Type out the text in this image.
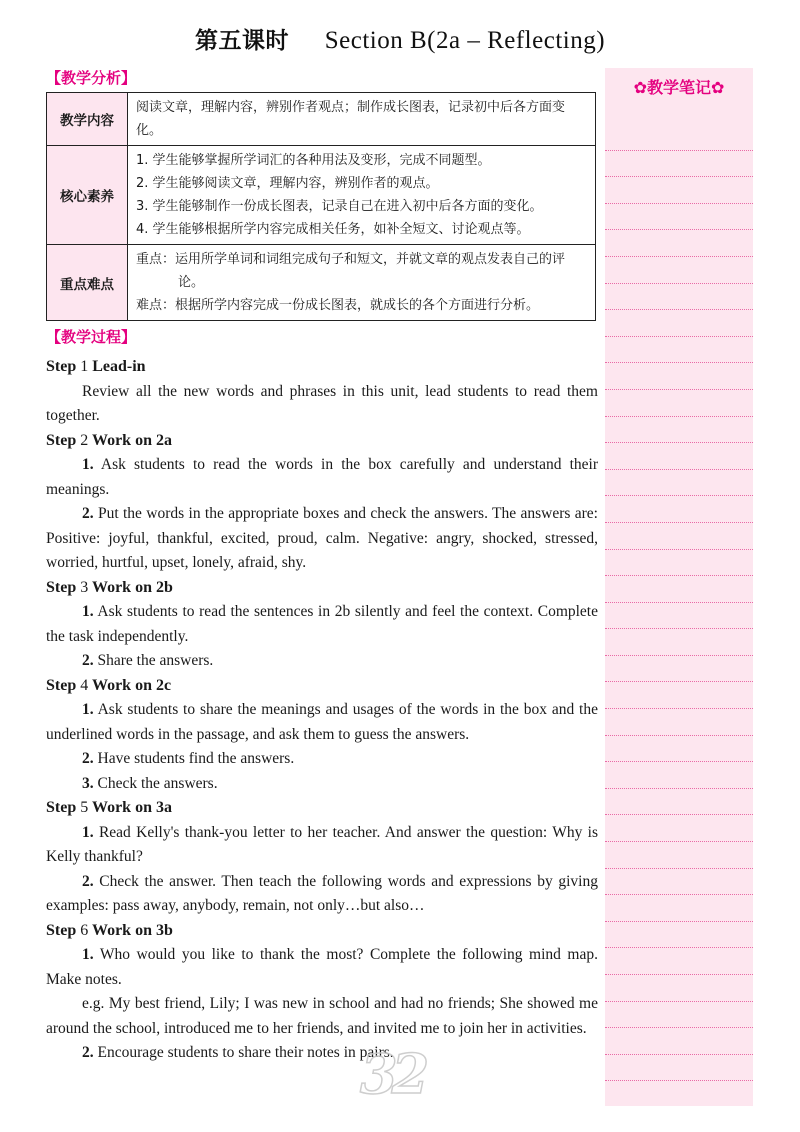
第五课时 Section B(2a – Reflecting)
【教学分析】
教学内容	阅读文章，理解内容，辨别作者观点；制作成长图表，记录初中后各方面变化。

核心素养	1. 学生能够掌握所学词汇的各种用法及变形，完成不同题型。
2. 学生能够阅读文章，理解内容，辨别作者的观点。
3. 学生能够制作一份成长图表，记录自己在进入初中后各方面的变化。
4. 学生能够根据所学内容完成相关任务，如补全短文、讨论观点等。

重点难点	重点：运用所学单词和词组完成句子和短文，并就文章的观点发表自己的评论。
难点：根据所学内容完成一份成长图表，就成长的各个方面进行分析。
【教学过程】
Step 1 Lead-in
Review all the new words and phrases in this unit, lead students to read them together.
Step 2 Work on 2a
1. Ask students to read the words in the box carefully and understand their meanings.
2. Put the words in the appropriate boxes and check the answers. The answers are: Positive: joyful, thankful, excited, proud, calm. Negative: angry, shocked, stressed, worried, hurtful, upset, lonely, afraid, shy.
Step 3 Work on 2b
1. Ask students to read the sentences in 2b silently and feel the context. Complete the task independently.
2. Share the answers.
Step 4 Work on 2c
1. Ask students to share the meanings and usages of the words in the box and the underlined words in the passage, and ask them to guess the answers.
2. Have students find the answers.
3. Check the answers.
Step 5 Work on 3a
1. Read Kelly's thank-you letter to her teacher. And answer the question: Why is Kelly thankful?
2. Check the answer. Then teach the following words and expressions by giving examples: pass away, anybody, remain, not only…but also…
Step 6 Work on 3b
1. Who would you like to thank the most? Complete the following mind map. Make notes.
e.g. My best friend, Lily; I was new in school and had no friends; She showed me around the school, introduced me to her friends, and invited me to join her in activities.
2. Encourage students to share their notes in pairs.
32
✿教学笔记✿
